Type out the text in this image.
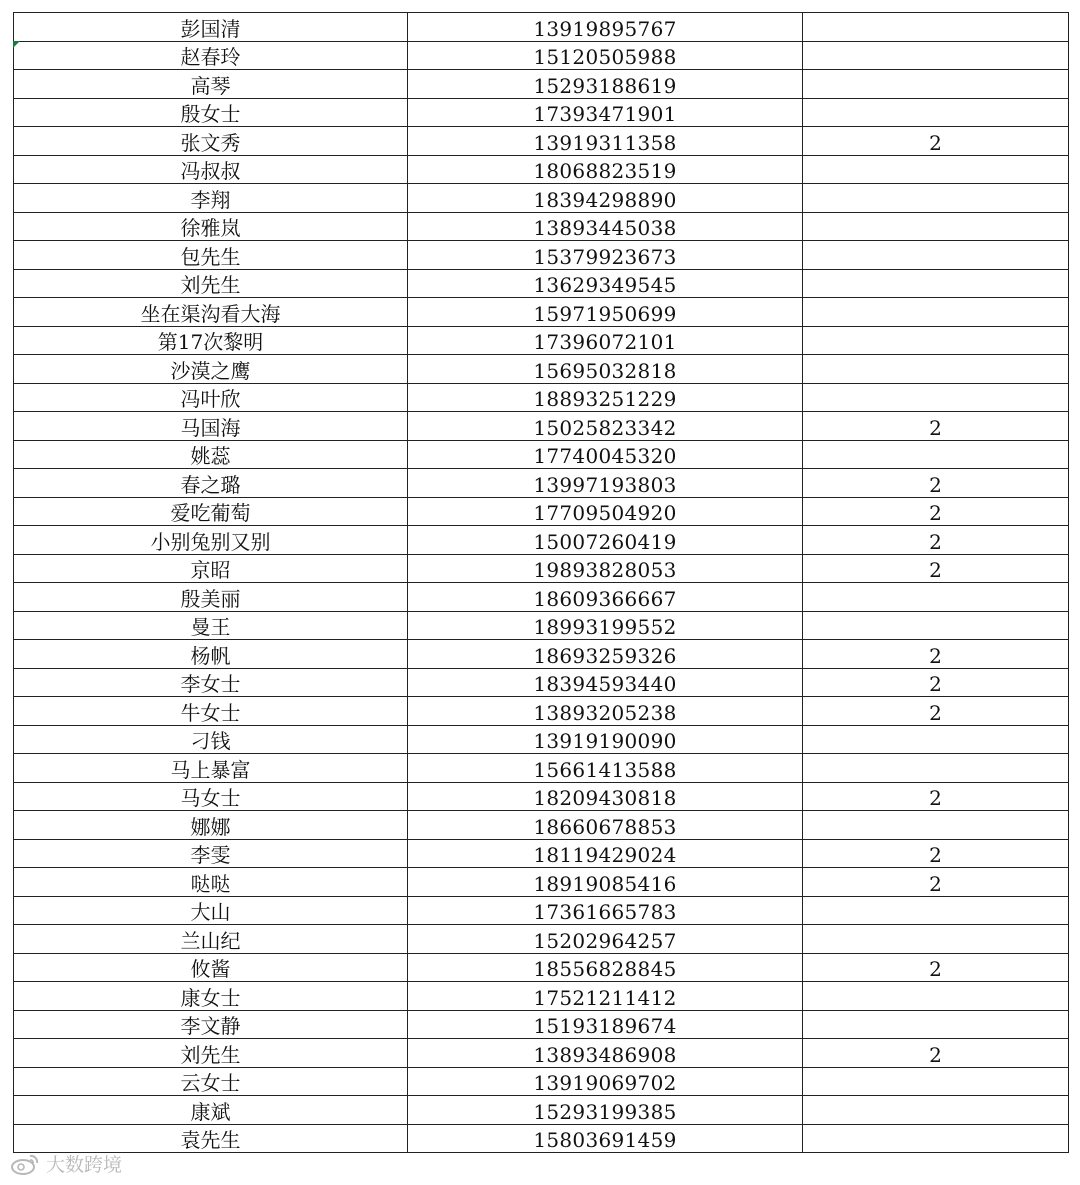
彭国清	13919895767	
赵春玲	15120505988	
高琴	15293188619	
殷女士	17393471901	
张文秀	13919311358	2
冯叔叔	18068823519	
李翔	18394298890	
徐雅岚	13893445038	
包先生	15379923673	
刘先生	13629349545	
坐在渠沟看大海	15971950699	
第17次黎明	17396072101	
沙漠之鹰	15695032818	
冯叶欣	18893251229	
马国海	15025823342	2
姚蕊	17740045320	
春之璐	13997193803	2
爱吃葡萄	17709504920	2
小别兔别又别	15007260419	2
京昭	19893828053	2
殷美丽	18609366667	
曼王	18993199552	
杨帆	18693259326	2
李女士	18394593440	2
牛女士	13893205238	2
刁钱	13919190090	
马上暴富	15661413588	
马女士	18209430818	2
娜娜	18660678853	
李雯	18119429024	2
哒哒	18919085416	2
大山	17361665783	
兰山纪	15202964257	
攸酱	18556828845	2
康女士	17521211412	
李文静	15193189674	
刘先生	13893486908	2
云女士	13919069702	
康斌	15293199385	
袁先生	15803691459	
大数跨境
